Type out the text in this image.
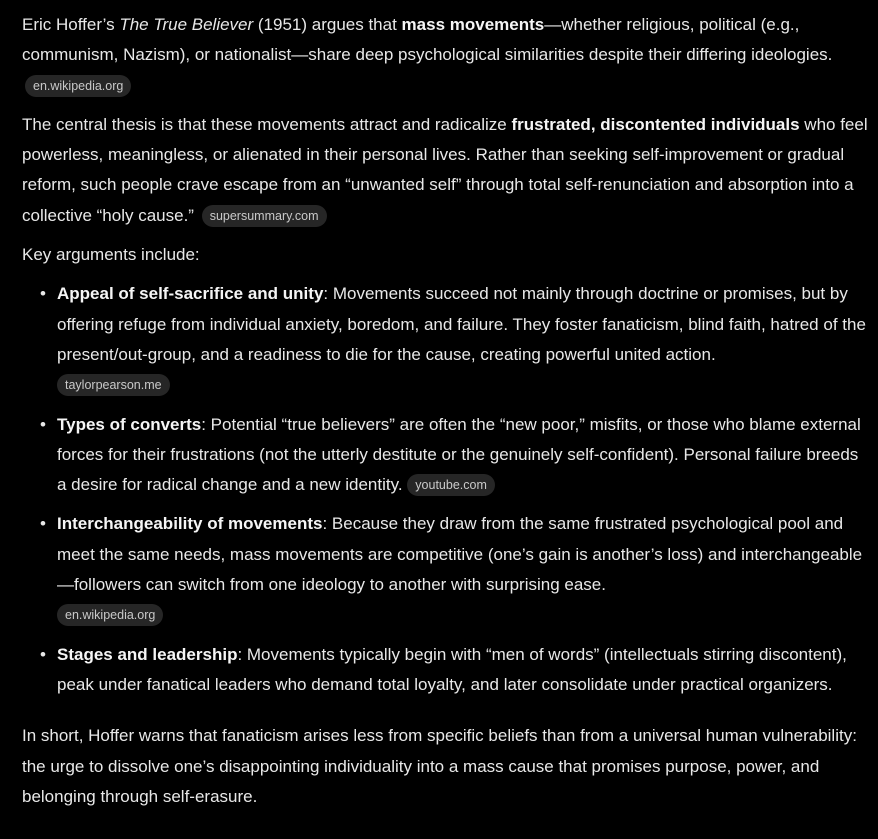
Eric Hoffer’s The True Believer (1951) argues that mass movements—whether religious, political (e.g., communism, Nazism), or nationalist—share deep psychological similarities despite their differing ideologies. en.wikipedia.org

The central thesis is that these movements attract and radicalize frustrated, discontented individuals who feel powerless, meaningless, or alienated in their personal lives. Rather than seeking self-improvement or gradual reform, such people crave escape from an “unwanted self” through total self-renunciation and absorption into a collective “holy cause.” supersummary.com

Key arguments include:

• Appeal of self-sacrifice and unity: Movements succeed not mainly through doctrine or promises, but by offering refuge from individual anxiety, boredom, and failure. They foster fanaticism, blind faith, hatred of the present/out-group, and a readiness to die for the cause, creating powerful united action.
taylorpearson.me
• Types of converts: Potential “true believers” are often the “new poor,” misfits, or those who blame external forces for their frustrations (not the utterly destitute or the genuinely self-confident). Personal failure breeds a desire for radical change and a new identity. youtube.com
• Interchangeability of movements: Because they draw from the same frustrated psychological pool and meet the same needs, mass movements are competitive (one’s gain is another’s loss) and interchangeable—followers can switch from one ideology to another with surprising ease.
en.wikipedia.org
• Stages and leadership: Movements typically begin with “men of words” (intellectuals stirring discontent), peak under fanatical leaders who demand total loyalty, and later consolidate under practical organizers.

In short, Hoffer warns that fanaticism arises less from specific beliefs than from a universal human vulnerability: the urge to dissolve one’s disappointing individuality into a mass cause that promises purpose, power, and belonging through self-erasure.
